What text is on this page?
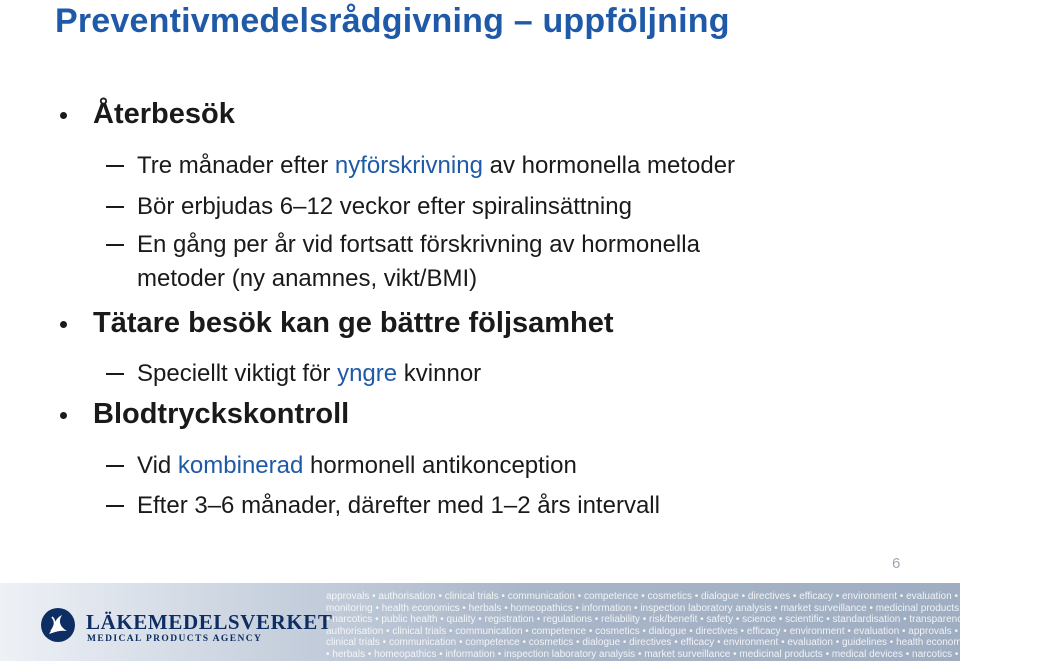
Preventivmedelsrådgivning – uppföljning
Återbesök
Tre månader efter nyförskrivning av hormonella metoder
Bör erbjudas 6–12 veckor efter spiralinsättning
En gång per år vid fortsatt förskrivning av hormonella
metoder (ny anamnes, vikt/BMI)
Tätare besök kan ge bättre följsamhet
Speciellt viktigt för yngre kvinnor
Blodtryckskontroll
Vid kombinerad hormonell antikonception
Efter 3–6 månader, därefter med 1–2 års intervall
6
LÄKEMEDELSVERKET
MEDICAL PRODUCTS AGENCY
approvals • authorisation • clinical trials • communication • competence • cosmetics • dialogue • directives • efficacy • environment • evaluation • guidelines • he
monitoring • health economics • herbals • homeopathics • information • inspection laboratory analysis • market surveillance • medicinal products • medical devic
• narcotics • public health • quality • registration • regulations • reliability • risk/benefit • safety • science • scientific • standardisation • transparency • vigilance • approv
authorisation • clinical trials • communication • competence • cosmetics • dialogue • directives • efficacy • environment • evaluation • approvals • authorisation
clinical trials • communication • competence • cosmetics • dialogue • directives • efficacy • environment • evaluation • guidelines • health economics • health
• herbals • homeopathics • information • inspection laboratory analysis • market surveillance • medicinal products • medical devices • narcotics • public heal
